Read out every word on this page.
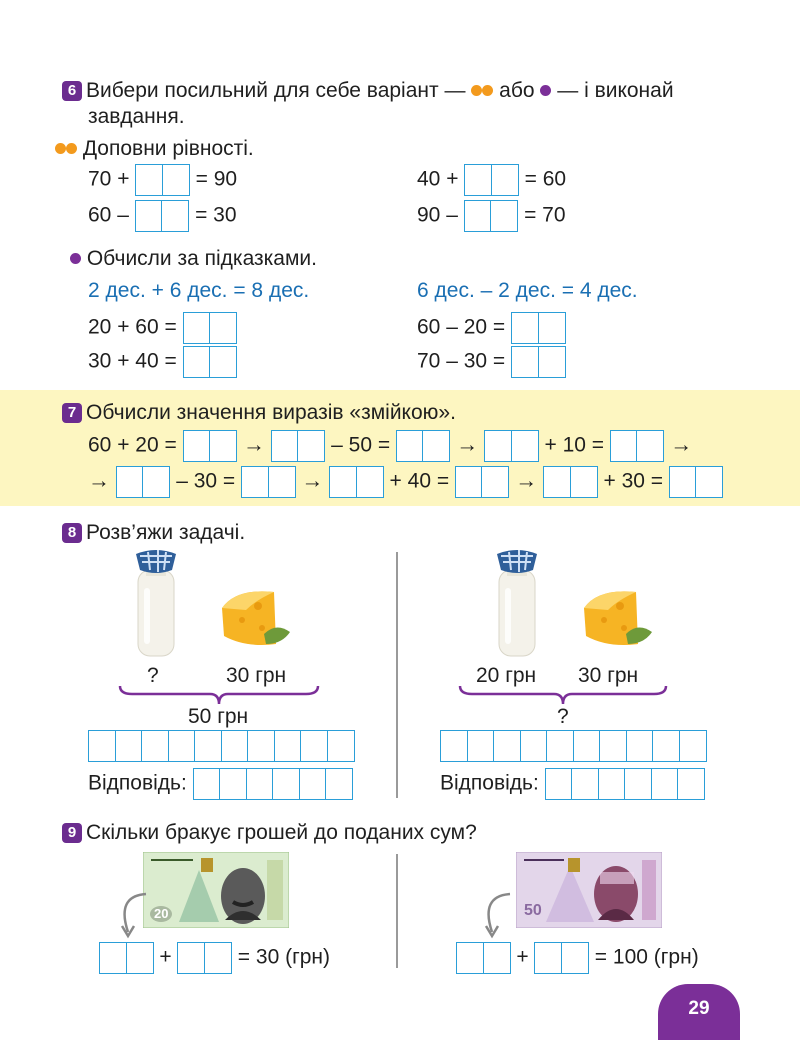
6 Вибери посильний для себе варіант — або — і виконай
завдання.
Доповни рівності.
70 +	= 90
60 –	= 30
40 +	= 60
90 –	= 70
Обчисли за підказками.
2 дес. + 6 дес. = 8 дес.	6 дес. – 2 дес. = 4 дес.
20 + 60 =
30 + 40 =
60 – 20 =
70 – 30 =
7 Обчисли значення виразів «змійкою».
60 + 20 =	→	– 50 =	→	+ 10 =	→
→	– 30 =	→	+ 40 =	→	+ 30 =
8 Розв’яжи задачі.
?	30 грн
50 грн
Відповідь:
20 грн 30 грн
?
Відповідь:
9 Скільки бракує грошей до поданих сум?
20
+	= 30 (грн)
50
+	= 100 (грн)
29
